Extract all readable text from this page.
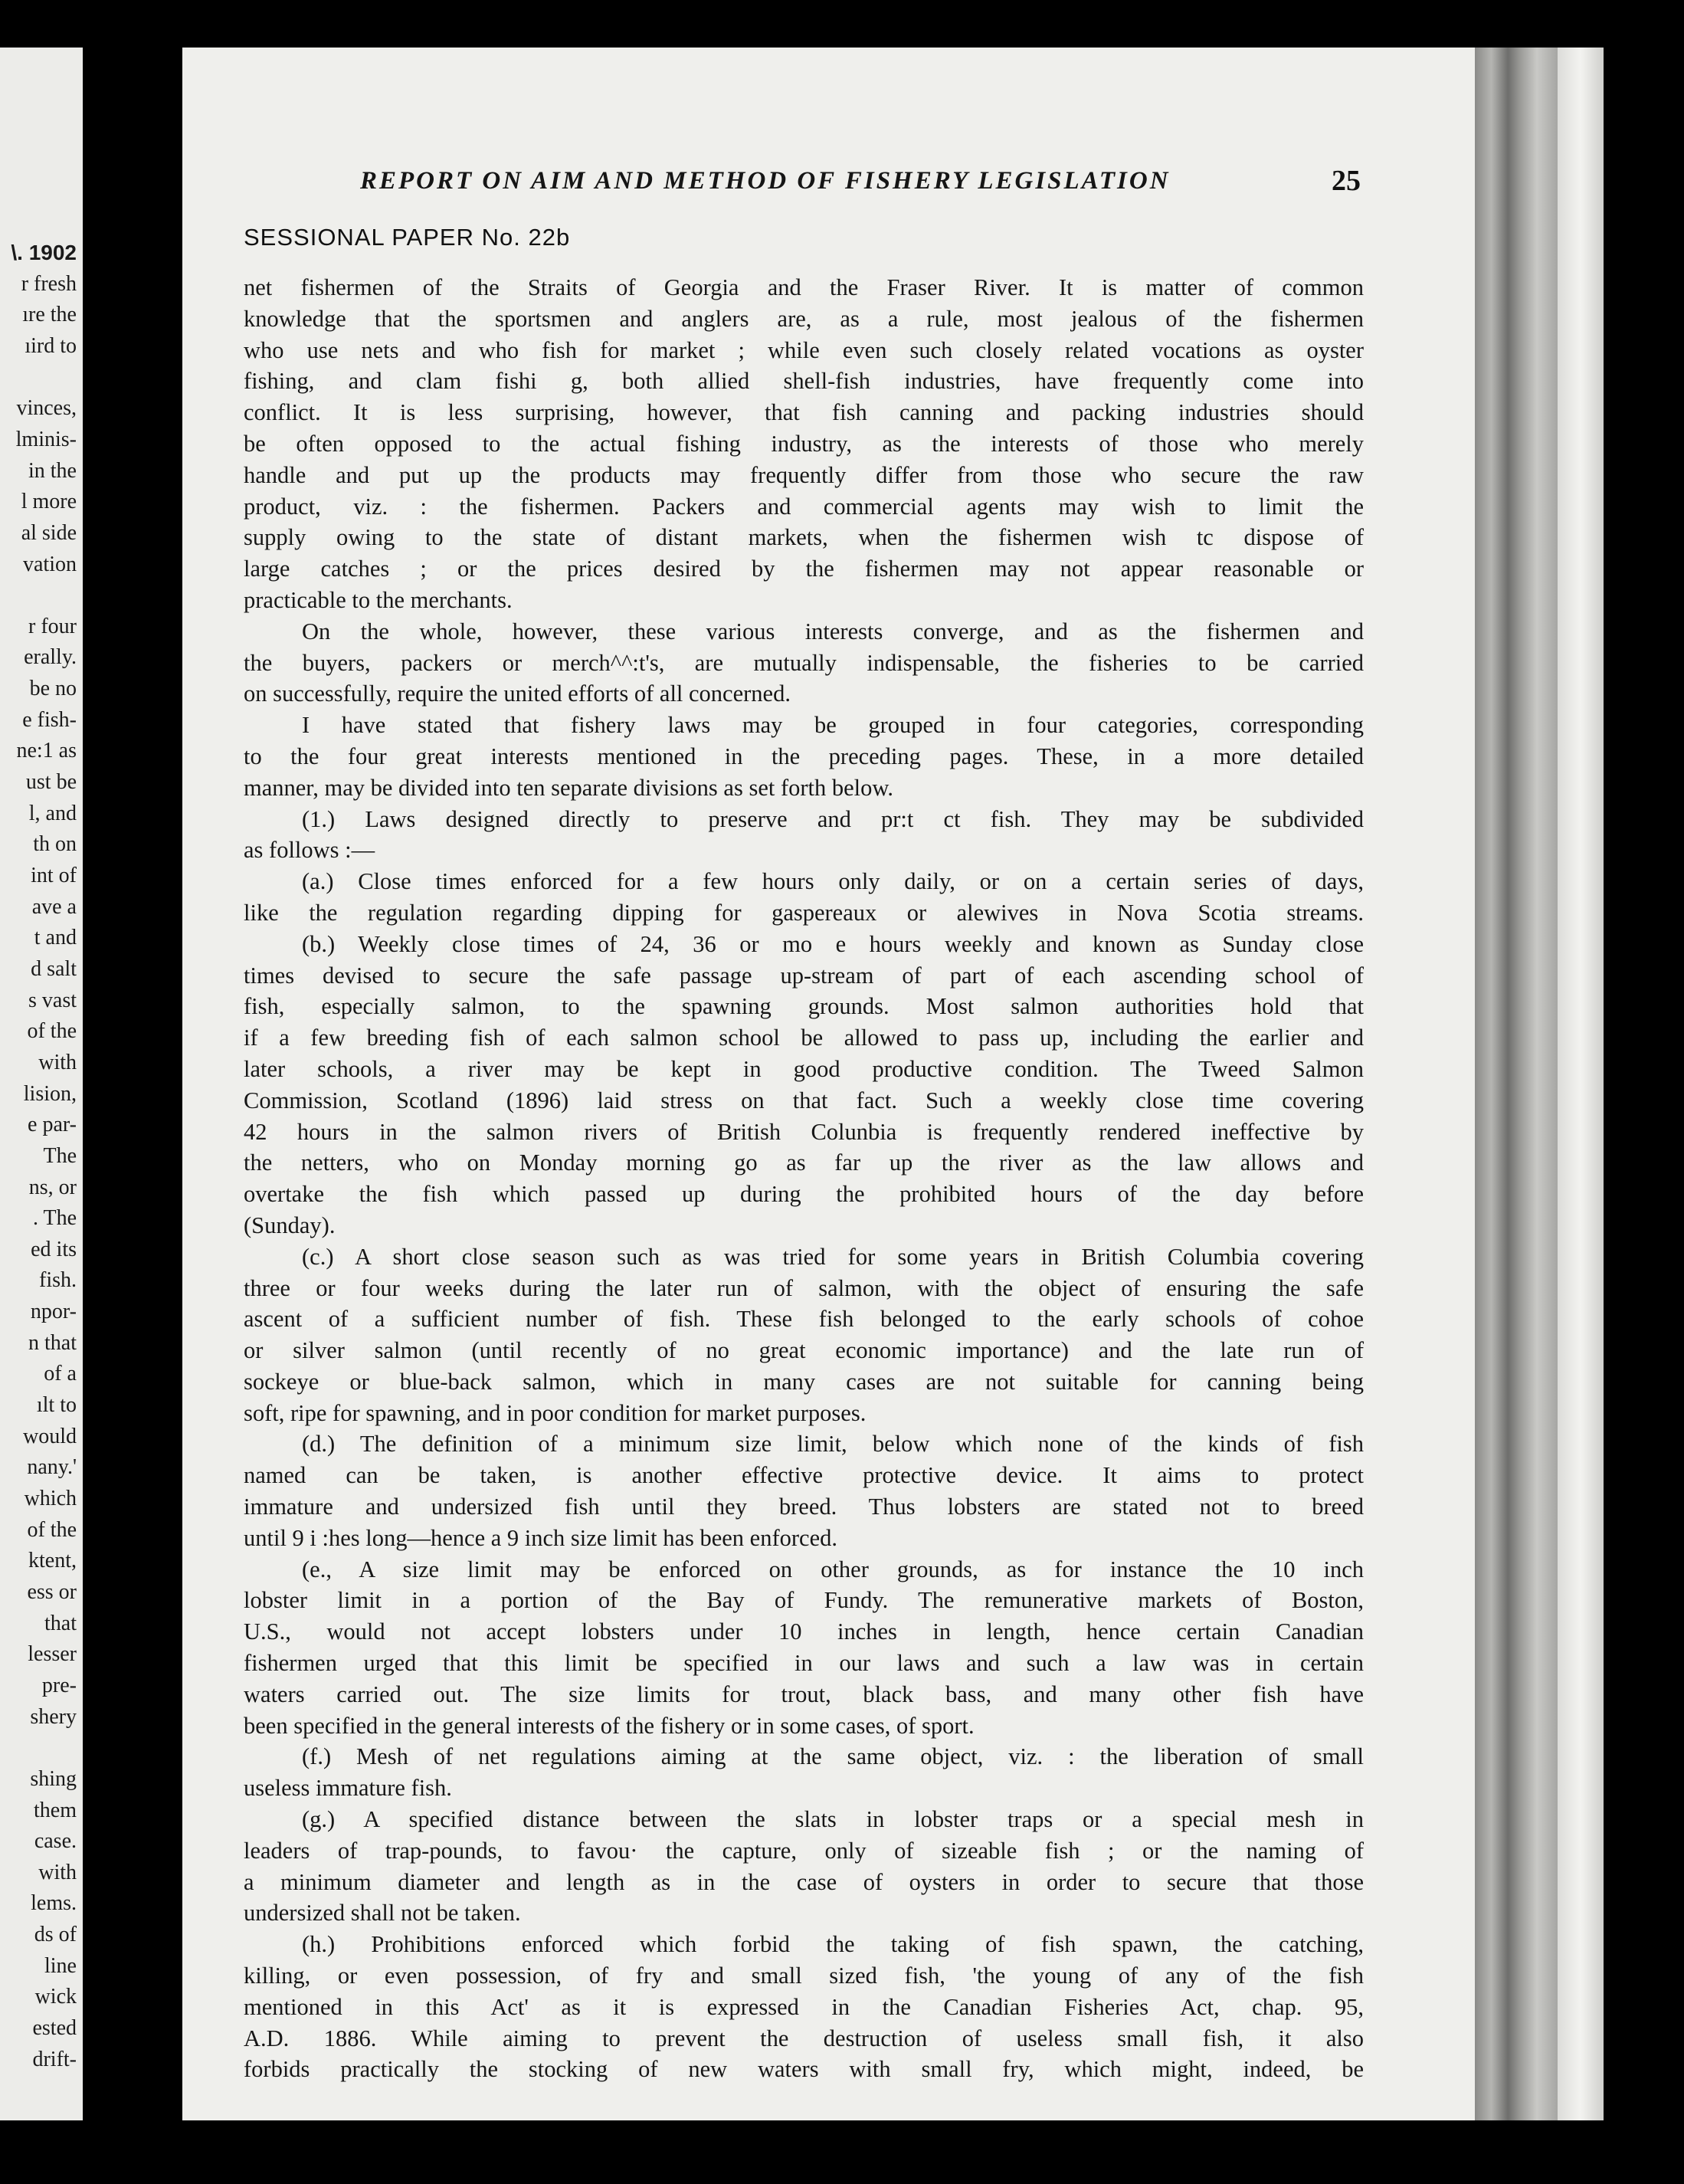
\. 1902
r fresh
ıre the
ıird to
vinces,
lminis-
in the
l more
al side
vation
r four
erally.
be no
e fish-
ne:1 as
ust be
l, and
th on
int of
ave a
t and
d salt
s vast
of the
with
lision,
e par-
The
ns, or
. The
ed its
fish.
npor-
n that
of a
ılt to
would
nany.'
which
of the
ktent,
ess or
that
lesser
pre-
shery
shing
them
case.
with
lems.
ds of
line
wick
ested
drift-
REPORT ON AIM AND METHOD OF FISHERY LEGISLATION	25
SESSIONAL PAPER No. 22b
net fishermen of the Straits of Georgia and the Fraser River. It is matter of common
knowledge that the sportsmen and anglers are, as a rule, most jealous of the fishermen
who use nets and who fish for market ; while even such closely related vocations as oyster
fishing, and clam fishi g, both allied shell-fish industries, have frequently come into
conflict. It is less surprising, however, that fish canning and packing industries should
be often opposed to the actual fishing industry, as the interests of those who merely
handle and put up the products may frequently differ from those who secure the raw
product, viz. : the fishermen. Packers and commercial agents may wish to limit the
supply owing to the state of distant markets, when the fishermen wish tc dispose of
large catches ; or the prices desired by the fishermen may not appear reasonable or
practicable to the merchants.
On the whole, however, these various interests converge, and as the fishermen and
the buyers, packers or merch^^:t's, are mutually indispensable, the fisheries to be carried
on successfully, require the united efforts of all concerned.
I have stated that fishery laws may be grouped in four categories, corresponding
to the four great interests mentioned in the preceding pages. These, in a more detailed
manner, may be divided into ten separate divisions as set forth below.
(1.) Laws designed directly to preserve and pr:t ct fish. They may be subdivided
as follows :—
(a.) Close times enforced for a few hours only daily, or on a certain series of days,
like the regulation regarding dipping for gaspereaux or alewives in Nova Scotia streams.
(b.) Weekly close times of 24, 36 or mo e hours weekly and known as Sunday close
times devised to secure the safe passage up-stream of part of each ascending school of
fish, especially salmon, to the spawning grounds. Most salmon authorities hold that
if a few breeding fish of each salmon school be allowed to pass up, including the earlier and
later schools, a river may be kept in good productive condition. The Tweed Salmon
Commission, Scotland (1896) laid stress on that fact. Such a weekly close time covering
42 hours in the salmon rivers of British Colunbia is frequently rendered ineffective by
the netters, who on Monday morning go as far up the river as the law allows and
overtake the fish which passed up during the prohibited hours of the day before
(Sunday).
(c.) A short close season such as was tried for some years in British Columbia covering
three or four weeks during the later run of salmon, with the object of ensuring the safe
ascent of a sufficient number of fish. These fish belonged to the early schools of cohoe
or silver salmon (until recently of no great economic importance) and the late run of
sockeye or blue-back salmon, which in many cases are not suitable for canning being
soft, ripe for spawning, and in poor condition for market purposes.
(d.) The definition of a minimum size limit, below which none of the kinds of fish
named can be taken, is another effective protective device. It aims to protect
immature and undersized fish until they breed. Thus lobsters are stated not to breed
until 9 i :hes long—hence a 9 inch size limit has been enforced.
(e., A size limit may be enforced on other grounds, as for instance the 10 inch
lobster limit in a portion of the Bay of Fundy. The remunerative markets of Boston,
U.S., would not accept lobsters under 10 inches in length, hence certain Canadian
fishermen urged that this limit be specified in our laws and such a law was in certain
waters carried out. The size limits for trout, black bass, and many other fish have
been specified in the general interests of the fishery or in some cases, of sport.
(f.) Mesh of net regulations aiming at the same object, viz. : the liberation of small
useless immature fish.
(g.) A specified distance between the slats in lobster traps or a special mesh in
leaders of trap-pounds, to favou· the capture, only of sizeable fish ; or the naming of
a minimum diameter and length as in the case of oysters in order to secure that those
undersized shall not be taken.
(h.) Prohibitions enforced which forbid the taking of fish spawn, the catching,
killing, or even possession, of fry and small sized fish, 'the young of any of the fish
mentioned in this Act' as it is expressed in the Canadian Fisheries Act, chap. 95,
A.D. 1886. While aiming to prevent the destruction of useless small fish, it also
forbids practically the stocking of new waters with small fry, which might, indeed, be
